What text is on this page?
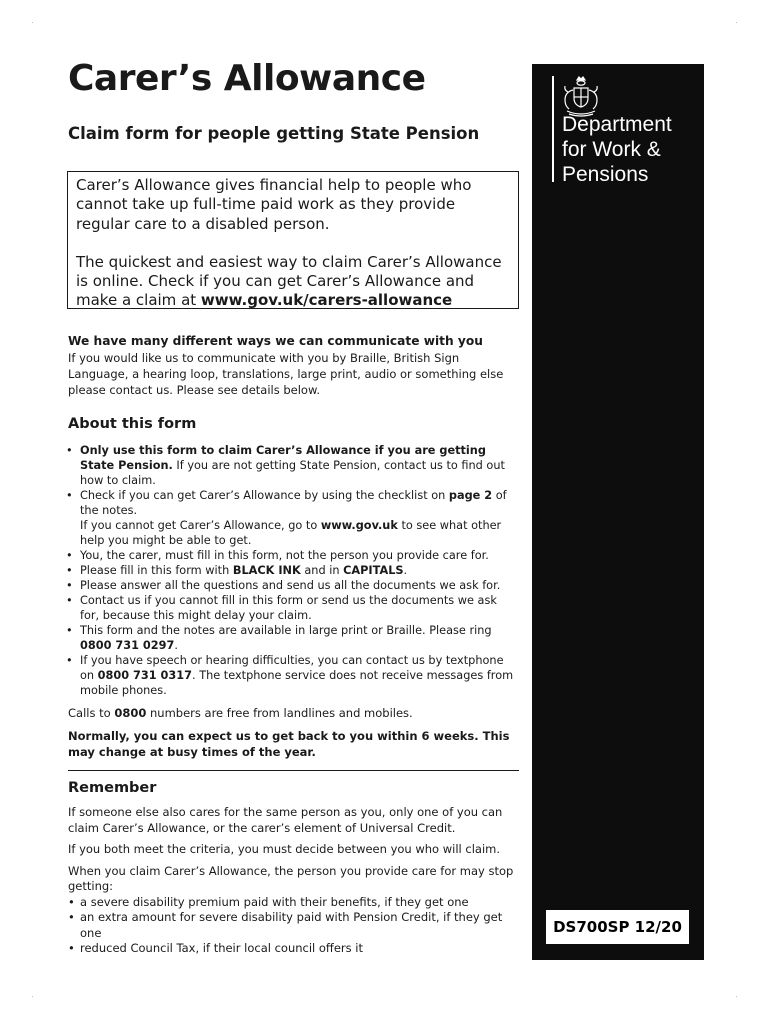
Carer’s Allowance
Claim form for people getting State Pension

Carer’s Allowance gives financial help to people who cannot take up full-time paid work as they provide regular care to a disabled person.

The quickest and easiest way to claim Carer’s Allowance is online. Check if you can get Carer’s Allowance and make a claim at www.gov.uk/carers-allowance

We have many different ways we can communicate with you
If you would like us to communicate with you by Braille, British Sign Language, a hearing loop, translations, large print, audio or something else please contact us. Please see details below.
About this form
• Only use this form to claim Carer’s Allowance if you are getting State Pension. If you are not getting State Pension, contact us to find out how to claim.
• Check if you can get Carer’s Allowance by using the checklist on page 2 of the notes.
If you cannot get Carer’s Allowance, go to www.gov.uk to see what other help you might be able to get.
• You, the carer, must fill in this form, not the person you provide care for.
• Please fill in this form with BLACK INK and in CAPITALS.
• Please answer all the questions and send us all the documents we ask for.
• Contact us if you cannot fill in this form or send us the documents we ask for, because this might delay your claim.
• This form and the notes are available in large print or Braille. Please ring 0800 731 0297.
• If you have speech or hearing difficulties, you can contact us by textphone on 0800 731 0317. The textphone service does not receive messages from mobile phones.
Calls to 0800 numbers are free from landlines and mobiles.
Normally, you can expect us to get back to you within 6 weeks. This may change at busy times of the year.
Remember

If someone else also cares for the same person as you, only one of you can claim Carer’s Allowance, or the carer’s element of Universal Credit.

If you both meet the criteria, you must decide between you who will claim.

When you claim Carer’s Allowance, the person you provide care for may stop getting:

• a severe disability premium paid with their benefits, if they get one
• an extra amount for severe disability paid with Pension Credit, if they get one
• reduced Council Tax, if their local council offers it
Department
for Work &
Pensions
DS700SP 12/20
